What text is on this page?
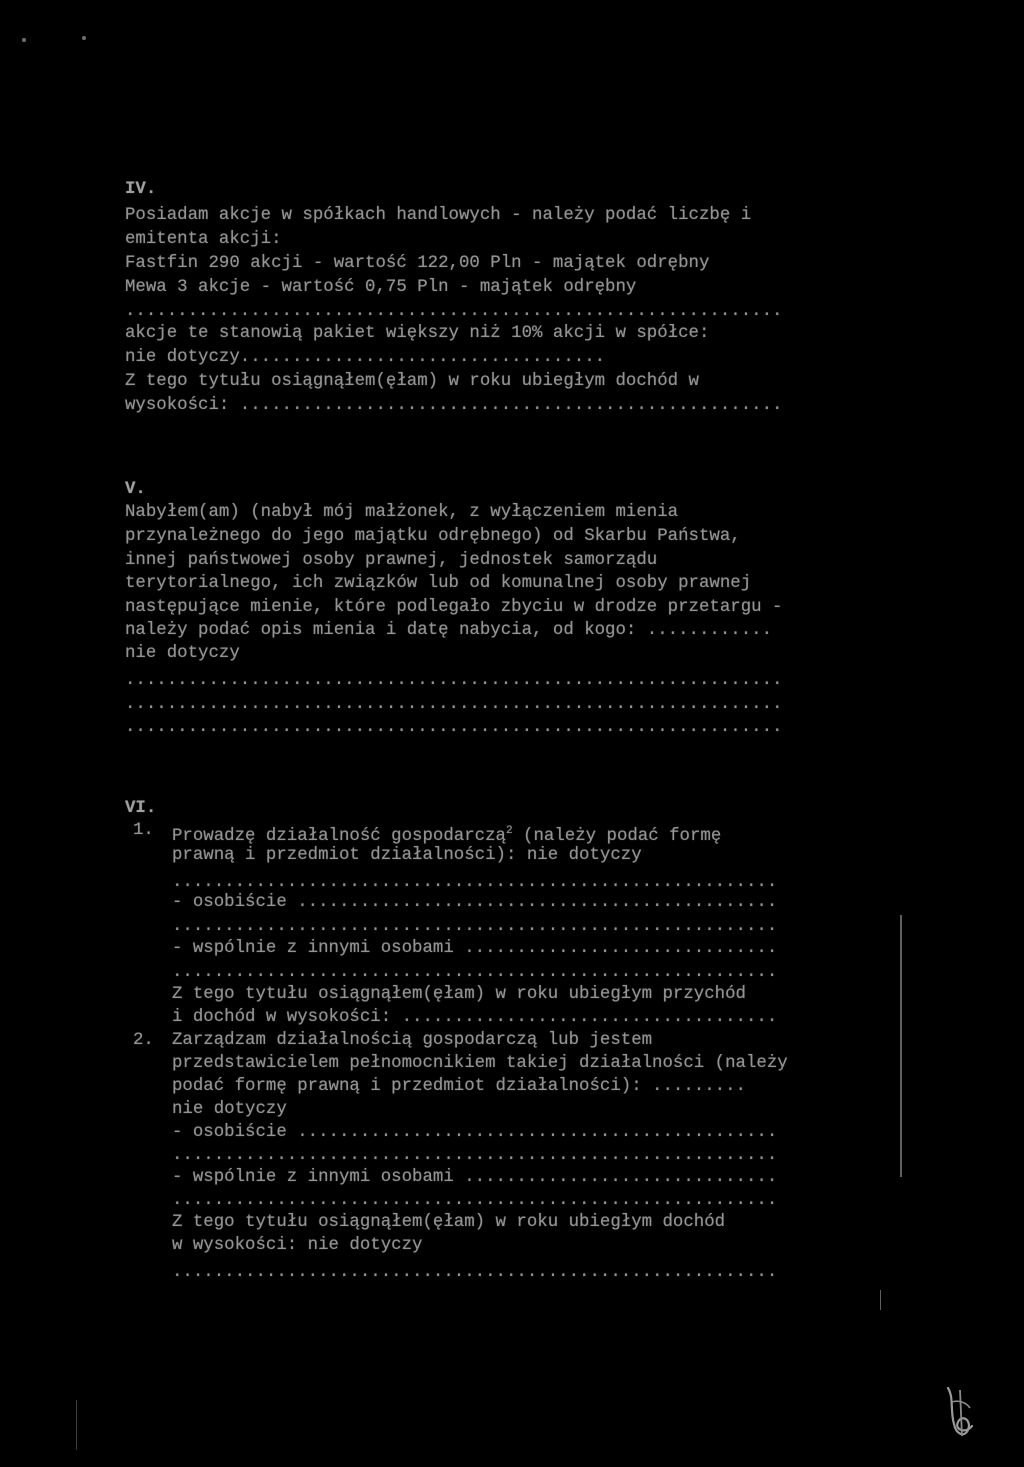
IV.
Posiadam akcje w spółkach handlowych - należy podać liczbę i
emitenta akcji:
Fastfin 290 akcji - wartość 122,00 Pln - majątek odrębny
Mewa 3 akcje - wartość 0,75 Pln - majątek odrębny
...............................................................
akcje te stanowią pakiet większy niż 10% akcji w spółce:
nie dotyczy...................................
Z tego tytułu osiągnąłem(ęłam) w roku ubiegłym dochód w
wysokości: ....................................................
V.
Nabyłem(am) (nabył mój małżonek, z wyłączeniem mienia
przynależnego do jego majątku odrębnego) od Skarbu Państwa,
innej państwowej osoby prawnej, jednostek samorządu
terytorialnego, ich związków lub od komunalnej osoby prawnej
następujące mienie, które podlegało zbyciu w drodze przetargu -
należy podać opis mienia i datę nabycia, od kogo: ............
nie dotyczy
...............................................................
...............................................................
...............................................................
VI.
1. Prowadzę działalność gospodarczą$^2$ (należy podać formę
prawną i przedmiot działalności): nie dotyczy
..........................................................
- osobiście ..............................................
..........................................................
- wspólnie z innymi osobami ..............................
..........................................................
Z tego tytułu osiągnąłem(ęłam) w roku ubiegłym przychód
i dochód w wysokości: ....................................
2. Zarządzam działalnością gospodarczą lub jestem
przedstawicielem pełnomocnikiem takiej działalności (należy
podać formę prawną i przedmiot działalności): .........
nie dotyczy
- osobiście ..............................................
..........................................................
- wspólnie z innymi osobami ..............................
..........................................................
Z tego tytułu osiągnąłem(ęłam) w roku ubiegłym dochód
w wysokości: nie dotyczy
..........................................................
